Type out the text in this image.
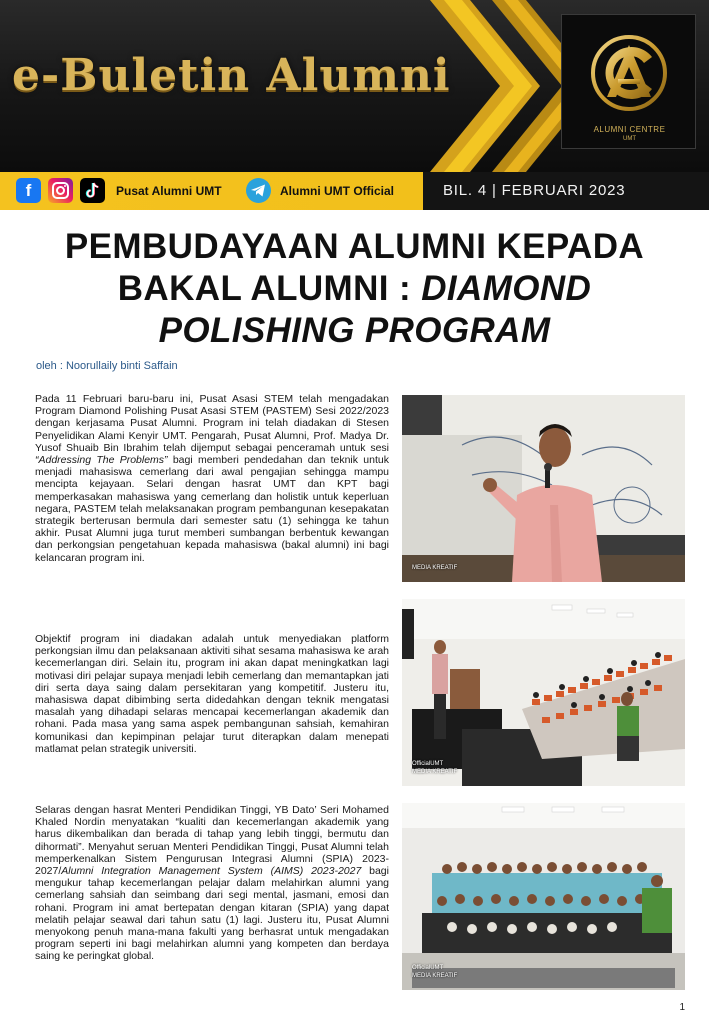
e-Buletin Alumni
ALUMNI CENTRE
UMT
f	Pusat Alumni UMT	Alumni UMT Official	BIL. 4 | FEBRUARI 2023
PEMBUDAYAAN ALUMNI KEPADA
BAKAL ALUMNI : DIAMOND
POLISHING PROGRAM
oleh : Noorullaily binti Saffain
Pada 11 Februari baru-baru ini, Pusat Asasi STEM telah mengadakan Program Diamond Polishing Pusat Asasi STEM (PASTEM) Sesi 2022/2023 dengan kerjasama Pusat Alumni. Program ini telah diadakan di Stesen Penyelidikan Alami Kenyir UMT. Pengarah, Pusat Alumni, Prof. Madya Dr. Yusof Shuaib Bin Ibrahim telah dijemput sebagai penceramah untuk sesi “Addressing The Problems” bagi memberi pendedahan dan teknik untuk menjadi mahasiswa cemerlang dari awal pengajian sehingga mampu mencipta kejayaan. Selari dengan hasrat UMT dan KPT bagi memperkasakan mahasiswa yang cemerlang dan holistik untuk keperluan negara, PASTEM telah melaksanakan program pembangunan kesepakatan strategik berterusan bermula dari semester satu (1) sehingga ke tahun akhir. Pusat Alumni juga turut memberi sumbangan berbentuk kewangan dan perkongsian pengetahuan kepada mahasiswa (bakal alumni) ini bagi kelancaran program ini.
Objektif program ini diadakan adalah untuk menyediakan platform perkongsian ilmu dan pelaksanaan aktiviti sihat sesama mahasiswa ke arah kecemerlangan diri. Selain itu, program ini akan dapat meningkatkan lagi motivasi diri pelajar supaya menjadi lebih cemerlang dan memantapkan jati diri serta daya saing dalam persekitaran yang kompetitif. Justeru itu, mahasiswa dapat dibimbing serta didedahkan dengan teknik mengatasi masalah yang dihadapi selaras mencapai kecemerlangan akademik dan rohani. Pada masa yang sama aspek pembangunan sahsiah, kemahiran komunikasi dan kepimpinan pelajar turut diterapkan dalam menepati matlamat pelan strategik universiti.
Selaras dengan hasrat Menteri Pendidikan Tinggi, YB Dato’ Seri Mohamed Khaled Nordin menyatakan “kualiti dan kecemerlangan akademik yang harus dikembalikan dan berada di tahap yang lebih tinggi, bermutu dan dihormati”. Menyahut seruan Menteri Pendidikan Tinggi, Pusat Alumni telah memperkenalkan Sistem Pengurusan Integrasi Alumni (SPIA) 2023-2027/Alumni Integration Management System (AIMS) 2023-2027 bagi mengukur tahap kecemerlangan pelajar dalam melahirkan alumni yang cemerlang sahsiah dan seimbang dari segi mental, jasmani, emosi dan rohani. Program ini amat bertepatan dengan kitaran (SPIA) yang dapat melatih pelajar seawal dari tahun satu (1) lagi. Justeru itu, Pusat Alumni menyokong penuh mana-mana fakulti yang berhasrat untuk mengadakan program seperti ini bagi melahirkan alumni yang kompeten dan berdaya saing ke peringkat global.
MEDIA KREATIF
OfficialUMT
MEDIA KREATIF
OfficialUMT
MEDIA KREATIF
1
